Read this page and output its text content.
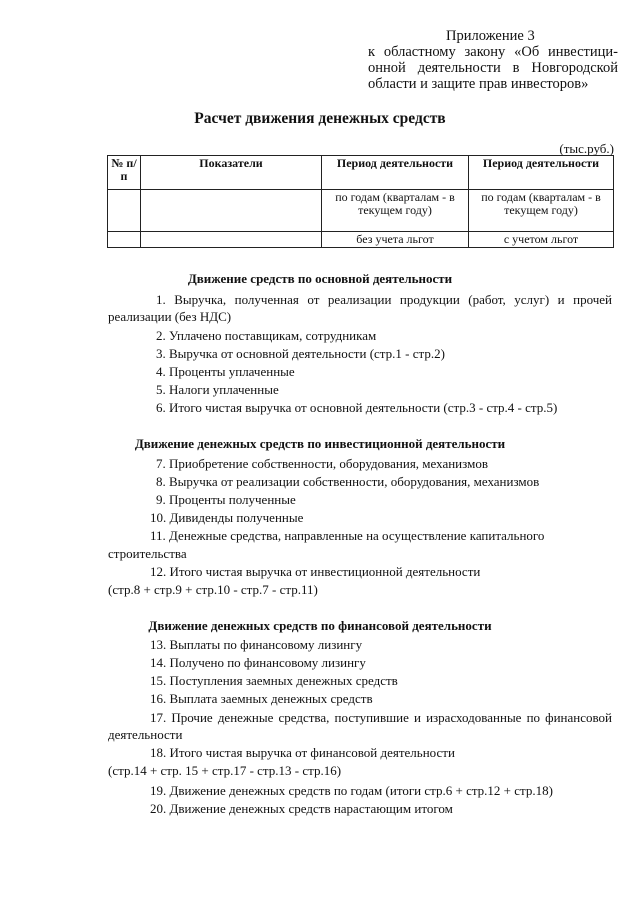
Приложение 3
к областному закону «Об инвестици-
онной деятельности в Новгородской
области и защите прав инвесторов»
Расчет движения денежных средств
(тыс.руб.)
№ п/п	Показатели	Период деятельности	Период деятельности
		по годам (кварталам - в текущем году)	по годам (кварталам - в текущем году)
		без учета льгот	с учетом льгот
Движение средств по основной деятельности
1. Выручка, полученная от реализации продукции (работ, услуг) и прочей
реализации (без НДС)
2. Уплачено поставщикам, сотрудникам
3. Выручка от основной деятельности (стр.1 - стр.2)
4. Проценты уплаченные
5. Налоги уплаченные
6. Итого чистая выручка от основной деятельности (стр.3 - стр.4 - стр.5)
Движение денежных средств по инвестиционной деятельности
7. Приобретение собственности, оборудования, механизмов
8. Выручка от реализации собственности, оборудования, механизмов
9. Проценты полученные
10. Дивиденды полученные
11. Денежные средства, направленные на осуществление капитального
строительства
12. Итого чистая выручка от инвестиционной деятельности
(стр.8 + стр.9 + стр.10 - стр.7 - стр.11)
Движение денежных средств по финансовой деятельности
13. Выплаты по финансовому лизингу
14. Получено по финансовому лизингу
15. Поступления заемных денежных средств
16. Выплата заемных денежных средств
17. Прочие денежные средства, поступившие и израсходованные по финансовой
деятельности
18. Итого чистая выручка от финансовой деятельности
(стр.14 + стр. 15 + стр.17 - стр.13 - стр.16)
19. Движение денежных средств по годам (итоги стр.6 + стр.12 + стр.18)
20. Движение денежных средств нарастающим итогом
